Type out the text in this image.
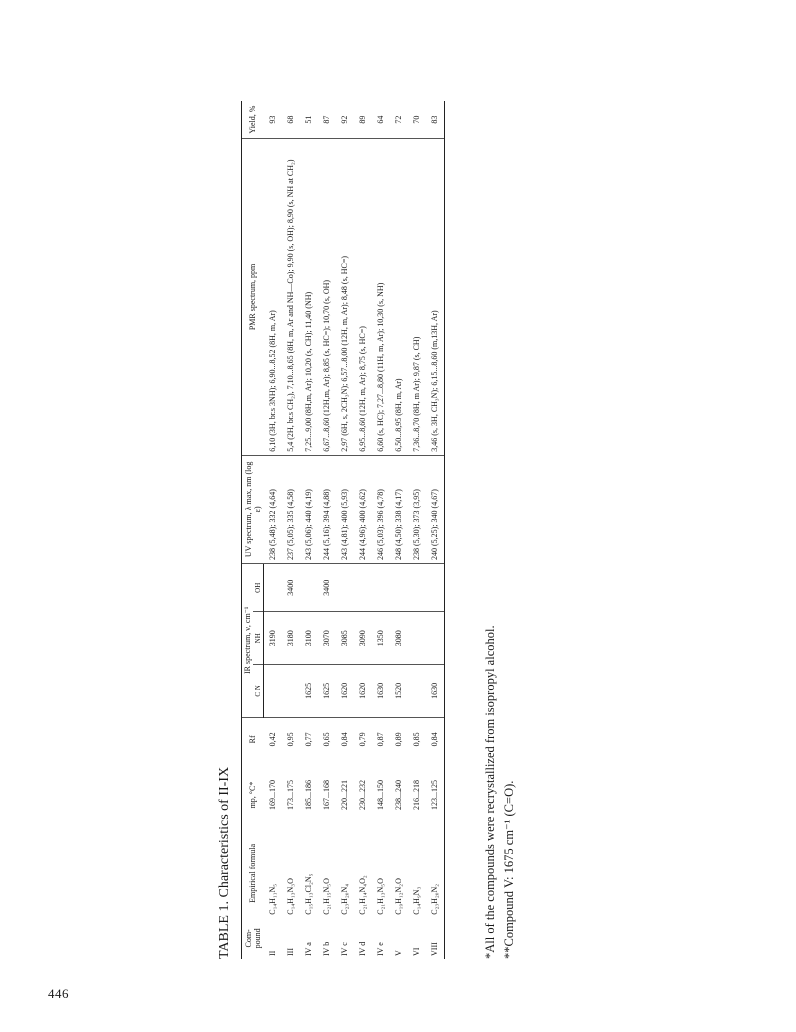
446
TABLE 1. Characteristics of II-IX Com- pound	Empirical formula	mp, °C*	Rf	IR spectrum, ν, cm⁻¹			UV spectrum, λ max, nm (log ε)	PMR spectrum, ppm	Yield, %
				C N	NH	OH			
II	C₁₄H₁₁N₅	169...170	0,42		3190		238 (5,48); 332 (4,64)	6,10 (3H, br.s 3NH); 6,90...8,52 (8H, m, Ar)	93
III	C₁₄H₁₃N₃O	173...175	0,95		3180	3400	237 (5,05); 335 (4,58)	5,4 (2H, br.s CH₂), 7,10...8,65 (8H, m, Ar and NH—Co); 9,90 (s, OH); 8,90 (s, NH at CH₂)	68
IV a	C₁₅H₁₃Cl₂N₅	185...186	0,77	1625	3100		243 (5,06); 440 (4,19)	7,25...9,00 (8H,m, Ar); 10,20 (s, CH); 11,40 (NH)	51
IV b	C₂₁H₁₅N₅O	167...168	0,65	1625	3070	3400	244 (5,16); 394 (4,88)	6,67...8,60 (12H,m, Ar); 8,85 (s, HC=); 10,70 (s, OH)	87
IV c	C₂₃H₂₀N₄	220...221	0,84	1620	3085		243 (4,81); 400 (5,93)	2,97 (6H, s, 2CH₃N); 6,57...8,00 (12H, m, Ar); 8,48 (s, HC=)	92
IV d	C₂₁H₁₄N₄O₂	230...232	0,79	1620	3090		244 (4,96); 400 (4,62)	6,95...8,60 (12H, m, Ar); 8,75 (s, HC=)	89
IV e	C₂₁H₁₃N₅O	148...150	0,87	1630	1350		246 (5,03); 396 (4,78)	6,60 (s, HC); 7,27...8,80 (11H, m, Ar); 10,30 (s, NH)	64
V	C₁₉H₁₂N₂O	238...240	0,89	1520	3080		248 (4,50); 338 (4,17)	6,50...8,95 (8H, m, Ar)	72
VI	C₁₄H₉N₃	216...218	0,85				238 (5,30); 373 (3,95)	7,36...8,70 (8H, m Ar); 9,87 (s, CH)	70
VIII	C₂₃H₂₀N₂	123...125	0,84	1630			240 (5,25); 340 (4,67)	3,46 (s, 3H, CH₃N); 6,15...8,60 (m,13H, Ar)	83
*All of the compounds were recrystallized from isopropyl alcohol. **Compound V: 1675 cm⁻¹ (C=O).
